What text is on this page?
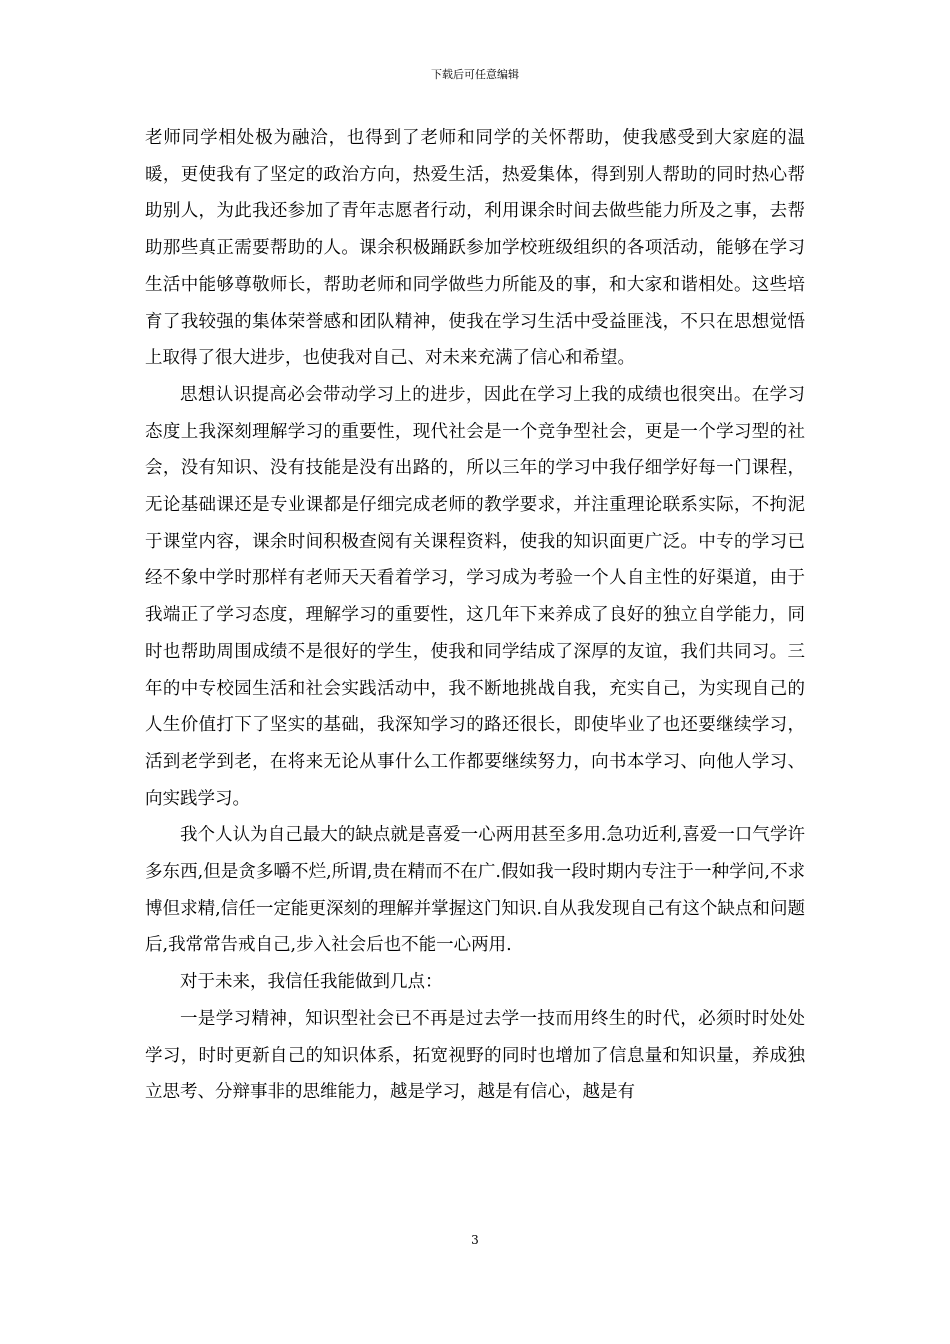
下载后可任意编辑

老师同学相处极为融洽，也得到了老师和同学的关怀帮助，使我感受到大家庭的温暖，更使我有了坚定的政治方向，热爱生活，热爱集体，得到别人帮助的同时热心帮助别人，为此我还参加了青年志愿者行动，利用课余时间去做些能力所及之事，去帮助那些真正需要帮助的人。课余积极踊跃参加学校班级组织的各项活动，能够在学习生活中能够尊敬师长，帮助老师和同学做些力所能及的事，和大家和谐相处。这些培育了我较强的集体荣誉感和团队精神，使我在学习生活中受益匪浅，不只在思想觉悟上取得了很大进步，也使我对自己、对未来充满了信心和希望。

思想认识提高必会带动学习上的进步，因此在学习上我的成绩也很突出。在学习态度上我深刻理解学习的重要性，现代社会是一个竞争型社会，更是一个学习型的社会，没有知识、没有技能是没有出路的，所以三年的学习中我仔细学好每一门课程，无论基础课还是专业课都是仔细完成老师的教学要求，并注重理论联系实际，不拘泥于课堂内容，课余时间积极查阅有关课程资料，使我的知识面更广泛。中专的学习已经不象中学时那样有老师天天看着学习，学习成为考验一个人自主性的好渠道，由于我端正了学习态度，理解学习的重要性，这几年下来养成了良好的独立自学能力，同时也帮助周围成绩不是很好的学生，使我和同学结成了深厚的友谊，我们共同习。三年的中专校园生活和社会实践活动中，我不断地挑战自我，充实自己，为实现自己的人生价值打下了坚实的基础，我深知学习的路还很长，即使毕业了也还要继续学习，活到老学到老，在将来无论从事什么工作都要继续努力，向书本学习、向他人学习、向实践学习。

我个人认为自己最大的缺点就是喜爱一心两用甚至多用.急功近利,喜爱一口气学许多东西,但是贪多嚼不烂,所谓,贵在精而不在广.假如我一段时期内专注于一种学问,不求博但求精,信任一定能更深刻的理解并掌握这门知识.自从我发现自己有这个缺点和问题后,我常常告戒自己,步入社会后也不能一心两用.

对于未来，我信任我能做到几点：

一是学习精神，知识型社会已不再是过去学一技而用终生的时代，必须时时处处学习，时时更新自己的知识体系，拓宽视野的同时也增加了信息量和知识量，养成独立思考、分辩事非的思维能力，越是学习，越是有信心，越是有

3
